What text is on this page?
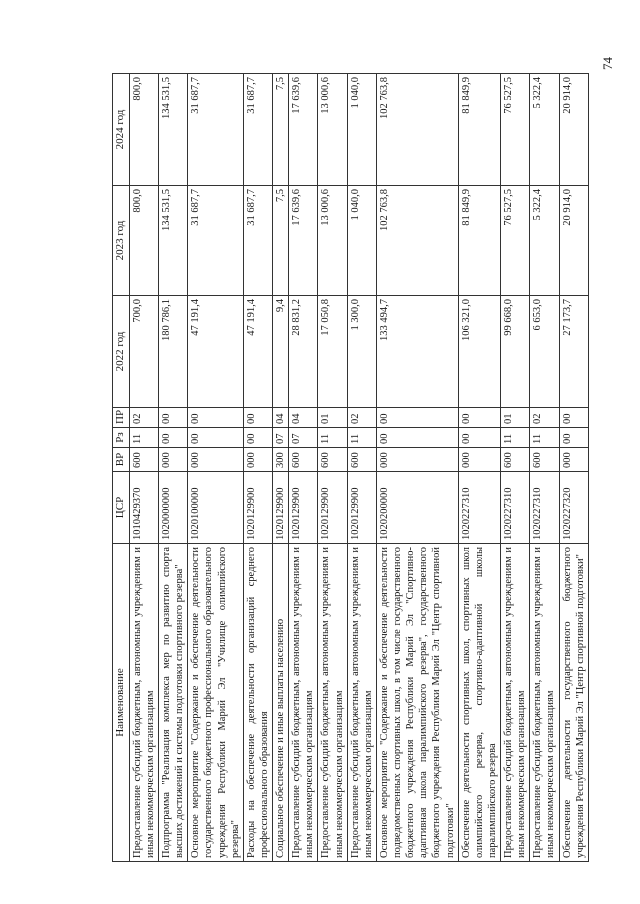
74
Наименование	ЦСР	ВР	Рз	ПР	2022 год	2023 год	2024 год
Предоставление субсидий бюджетным, автономным учреждениям и иным некоммерческим организациям	1010429370	600	11	02	700,0	800,0	800,0
Подпрограмма "Реализация комплекса мер по развитию спорта высших достижений и системы подготовки спортивного резерва"	1020000000	000	00	00	180 786,1	134 531,5	134 531,5
Основное мероприятие "Содержание и обеспечение деятельности государственного бюджетного профессионального образовательного учреждения Республики Марий Эл "Училище олимпийского резерва"	1020100000	000	00	00	47 191,4	31 687,7	31 687,7
Расходы на обеспечение деятельности организаций среднего профессионального образования	1020129900	000	00	00	47 191,4	31 687,7	31 687,7
Социальное обеспечение и иные выплаты населению	1020129900	300	07	04	9,4	7,5	7,5
Предоставление субсидий бюджетным, автономным учреждениям и иным некоммерческим организациям	1020129900	600	07	04	28 831,2	17 639,6	17 639,6
Предоставление субсидий бюджетным, автономным учреждениям и иным некоммерческим организациям	1020129900	600	11	01	17 050,8	13 000,6	13 000,6
Предоставление субсидий бюджетным, автономным учреждениям и иным некоммерческим организациям	1020129900	600	11	02	1 300,0	1 040,0	1 040,0
Основное мероприятие "Содержание и обеспечение деятельности подведомственных спортивных школ, в том числе государственного бюджетного учреждения Республики Марий Эл "Спортивно-адаптивная школа паралимпийского резерва", государственного бюджетного учреждения Республики Марий Эл "Центр спортивной подготовки"	1020200000	000	00	00	133 494,7	102 763,8	102 763,8
Обеспечение деятельности спортивных школ, спортивных школ олимпийского резерва, спортивно-адаптивной школы паралимпийского резерва	1020227310	000	00	00	106 321,0	81 849,9	81 849,9
Предоставление субсидий бюджетным, автономным учреждениям и иным некоммерческим организациям	1020227310	600	11	01	99 668,0	76 527,5	76 527,5
Предоставление субсидий бюджетным, автономным учреждениям и иным некоммерческим организациям	1020227310	600	11	02	6 653,0	5 322,4	5 322,4
Обеспечение деятельности государственного бюджетного учреждения Республики Марий Эл "Центр спортивной подготовки"	1020227320	000	00	00	27 173,7	20 914,0	20 914,0
